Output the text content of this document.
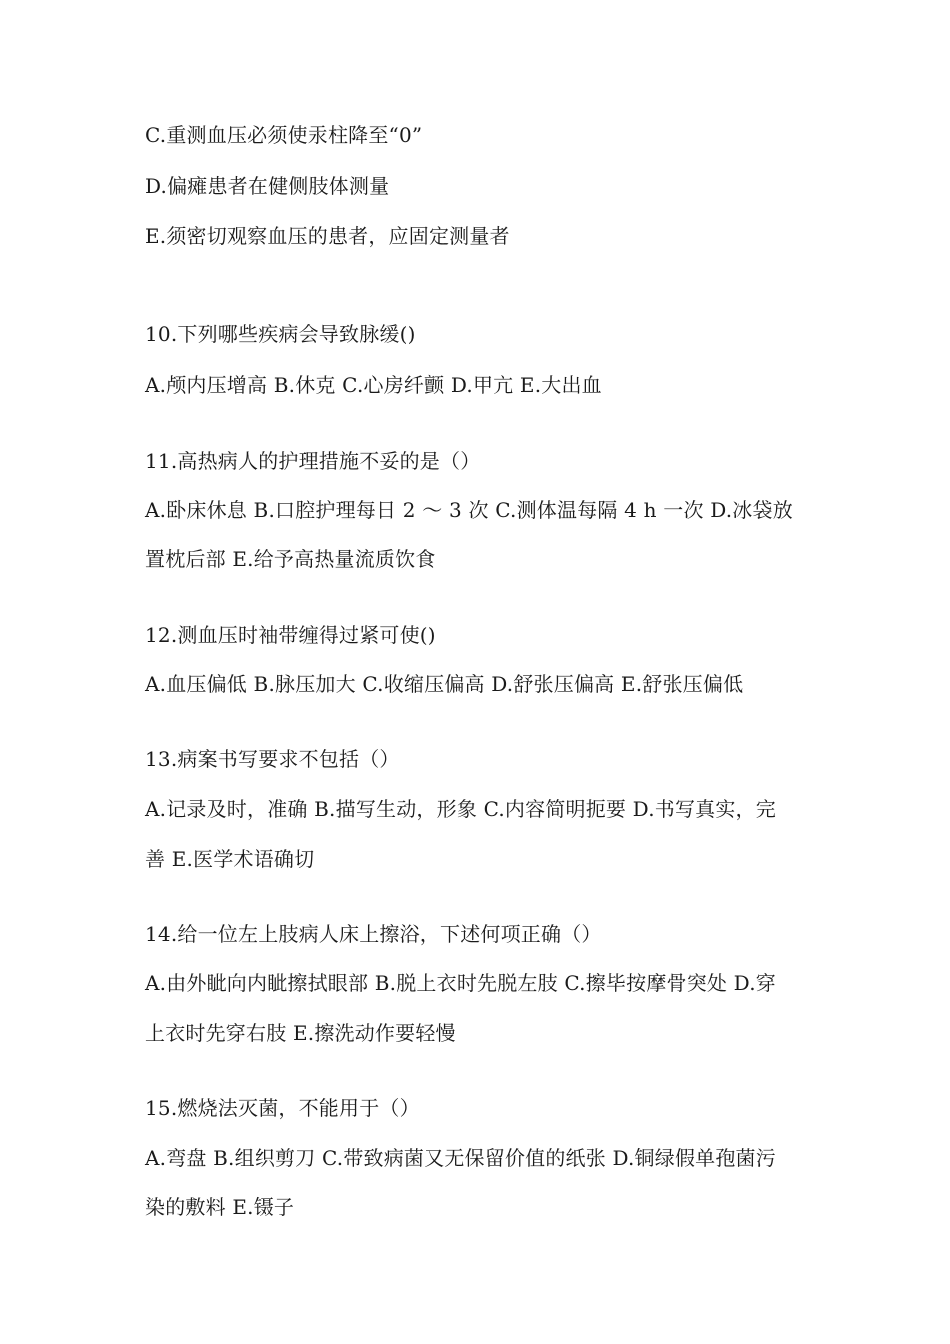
C.重测血压必须使汞柱降至“0”
D.偏瘫患者在健侧肢体测量
E.须密切观察血压的患者，应固定测量者
10.下列哪些疾病会导致脉缓()
A.颅内压增高 B.休克 C.心房纤颤 D.甲亢 E.大出血
11.高热病人的护理措施不妥的是（）
A.卧床休息 B.口腔护理每日 2 ～ 3 次 C.测体温每隔 4 h 一次 D.冰袋放
置枕后部 E.给予高热量流质饮食
12.测血压时袖带缠得过紧可使()
A.血压偏低 B.脉压加大 C.收缩压偏高 D.舒张压偏高 E.舒张压偏低
13.病案书写要求不包括（）
A.记录及时，准确 B.描写生动，形象 C.内容简明扼要 D.书写真实，完
善 E.医学术语确切
14.给一位左上肢病人床上擦浴，下述何项正确（）
A.由外眦向内眦擦拭眼部 B.脱上衣时先脱左肢 C.擦毕按摩骨突处 D.穿
上衣时先穿右肢 E.擦洗动作要轻慢
15.燃烧法灭菌，不能用于（）
A.弯盘 B.组织剪刀 C.带致病菌又无保留价值的纸张 D.铜绿假单孢菌污
染的敷料 E.镊子
